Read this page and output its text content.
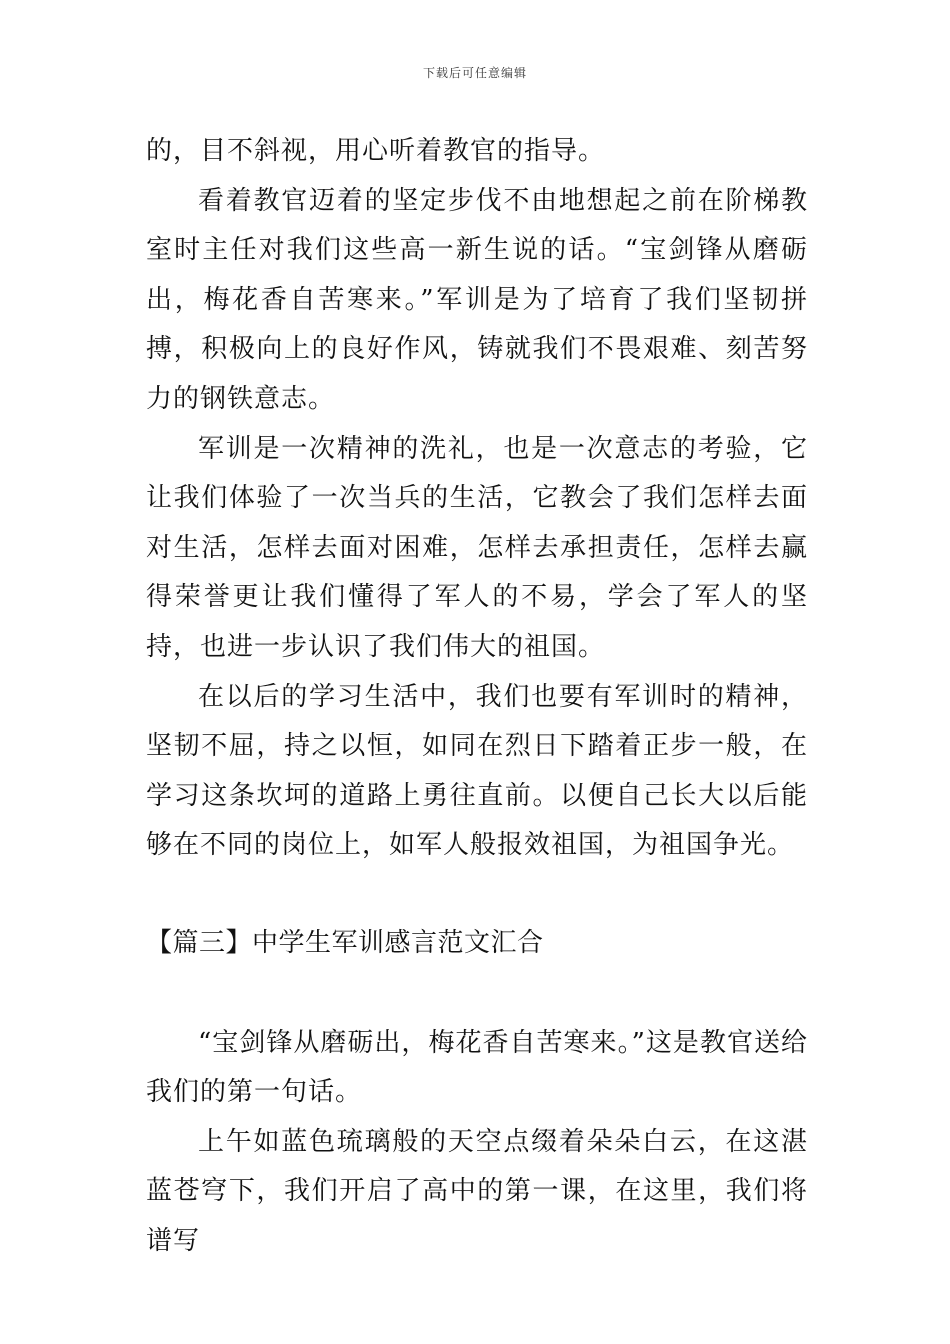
下载后可任意编辑

的，目不斜视，用心听着教官的指导。

看着教官迈着的坚定步伐不由地想起之前在阶梯教室时主任对我们这些高一新生说的话。“宝剑锋从磨砺出，梅花香自苦寒来。”军训是为了培育了我们坚韧拼搏，积极向上的良好作风，铸就我们不畏艰难、刻苦努力的钢铁意志。

军训是一次精神的洗礼，也是一次意志的考验，它让我们体验了一次当兵的生活，它教会了我们怎样去面对生活，怎样去面对困难，怎样去承担责任，怎样去赢得荣誉更让我们懂得了军人的不易，学会了军人的坚持，也进一步认识了我们伟大的祖国。

在以后的学习生活中，我们也要有军训时的精神，坚韧不屈，持之以恒，如同在烈日下踏着正步一般，在学习这条坎坷的道路上勇往直前。以便自己长大以后能够在不同的岗位上，如军人般报效祖国，为祖国争光。

【篇三】中学生军训感言范文汇合

“宝剑锋从磨砺出，梅花香自苦寒来。”这是教官送给我们的第一句话。

上午如蓝色琉璃般的天空点缀着朵朵白云，在这湛蓝苍穹下，我们开启了高中的第一课，在这里，我们将谱写
